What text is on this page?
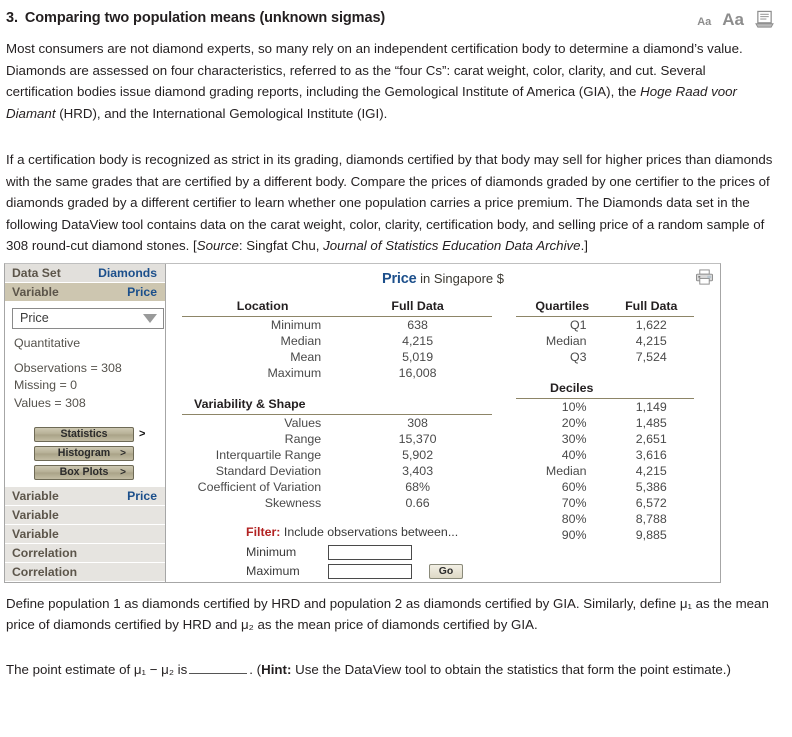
3. Comparing two population means (unknown sigmas)	Aa Aa

Most consumers are not diamond experts, so many rely on an independent certification body to determine a diamond’s value. Diamonds are assessed on four characteristics, referred to as the “four Cs”: carat weight, color, clarity, and cut. Several certification bodies issue diamond grading reports, including the Gemological Institute of America (GIA), the Hoge Raad voor Diamant (HRD), and the International Gemological Institute (IGI).

If a certification body is recognized as strict in its grading, diamonds certified by that body may sell for higher prices than diamonds with the same grades that are certified by a different body. Compare the prices of diamonds graded by one certifier to the prices of diamonds graded by a different certifier to learn whether one population carries a price premium. The Diamonds data set in the following DataView tool contains data on the carat weight, color, clarity, certification body, and selling price of a random sample of 308 round-cut diamond stones. [Source: Singfat Chu, Journal of Statistics Education Data Archive.]

Data Set	Diamonds
Variable	Price
Price
Quantitative
Observations = 308
Missing = 0
Values = 308
Statistics	>
Histogram >
Box Plots >
Variable	Price
Variable
Variable
Correlation
Correlation
Price in Singapore $
Location	Full Data
Minimum	638
Median	4,215
Mean	5,019
Maximum	16,008
Variability & Shape	
Values	308
Range	15,370
Interquartile Range	5,902
Standard Deviation	3,403
Coefficient of Variation	68%
Skewness	0.66
Filter: Include observations between...
Minimum
Maximum	Go
Quartiles	Full Data
Q1	1,622
Median	4,215
Q3	7,524
Deciles	
10%	1,149
20%	1,485
30%	2,651
40%	3,616
Median	4,215
60%	5,386
70%	6,572
80%	8,788
90%	9,885

Define population 1 as diamonds certified by HRD and population 2 as diamonds certified by GIA. Similarly, define μ₁ as the mean price of diamonds certified by HRD and μ₂ as the mean price of diamonds certified by GIA.

The point estimate of μ₁ − μ₂ is	. (Hint: Use the DataView tool to obtain the statistics that form the point estimate.)
